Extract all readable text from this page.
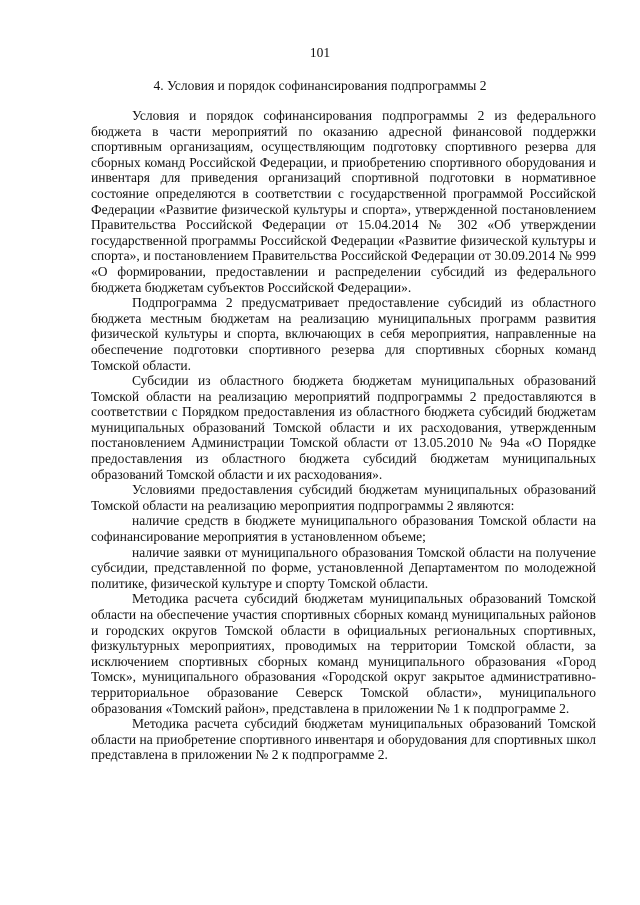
101
4. Условия и порядок софинансирования подпрограммы 2

Условия и порядок софинансирования подпрограммы 2 из федерального бюджета в части мероприятий по оказанию адресной финансовой поддержки спортивным организациям, осуществляющим подготовку спортивного резерва для сборных команд Российской Федерации, и приобретению спортивного оборудования и инвентаря для приведения организаций спортивной подготовки в нормативное состояние определяются в соответствии с государственной программой Российской Федерации «Развитие физической культуры и спорта», утвержденной постановлением Правительства Российской Федерации от 15.04.2014 № 302 «Об утверждении государственной программы Российской Федерации «Развитие физической культуры и спорта», и постановлением Правительства Российской Федерации от 30.09.2014 № 999 «О формировании, предоставлении и распределении субсидий из федерального бюджета бюджетам субъектов Российской Федерации».

Подпрограмма 2 предусматривает предоставление субсидий из областного бюджета местным бюджетам на реализацию муниципальных программ развития физической культуры и спорта, включающих в себя мероприятия, направленные на обеспечение подготовки спортивного резерва для спортивных сборных команд Томской области.

Субсидии из областного бюджета бюджетам муниципальных образований Томской области на реализацию мероприятий подпрограммы 2 предоставляются в соответствии с Порядком предоставления из областного бюджета субсидий бюджетам муниципальных образований Томской области и их расходования, утвержденным постановлением Администрации Томской области от 13.05.2010 № 94а «О Порядке предоставления из областного бюджета субсидий бюджетам муниципальных образований Томской области и их расходования».

Условиями предоставления субсидий бюджетам муниципальных образований Томской области на реализацию мероприятия подпрограммы 2 являются:

наличие средств в бюджете муниципального образования Томской области на софинансирование мероприятия в установленном объеме;

наличие заявки от муниципального образования Томской области на получение субсидии, представленной по форме, установленной Департаментом по молодежной политике, физической культуре и спорту Томской области.

Методика расчета субсидий бюджетам муниципальных образований Томской области на обеспечение участия спортивных сборных команд муниципальных районов и городских округов Томской области в официальных региональных спортивных, физкультурных мероприятиях, проводимых на территории Томской области, за исключением спортивных сборных команд муниципального образования «Город Томск», муниципального образования «Городской округ закрытое административно-территориальное образование Северск Томской области», муниципального образования «Томский район», представлена в приложении № 1 к подпрограмме 2.

Методика расчета субсидий бюджетам муниципальных образований Томской области на приобретение спортивного инвентаря и оборудования для спортивных школ представлена в приложении № 2 к подпрограмме 2.
